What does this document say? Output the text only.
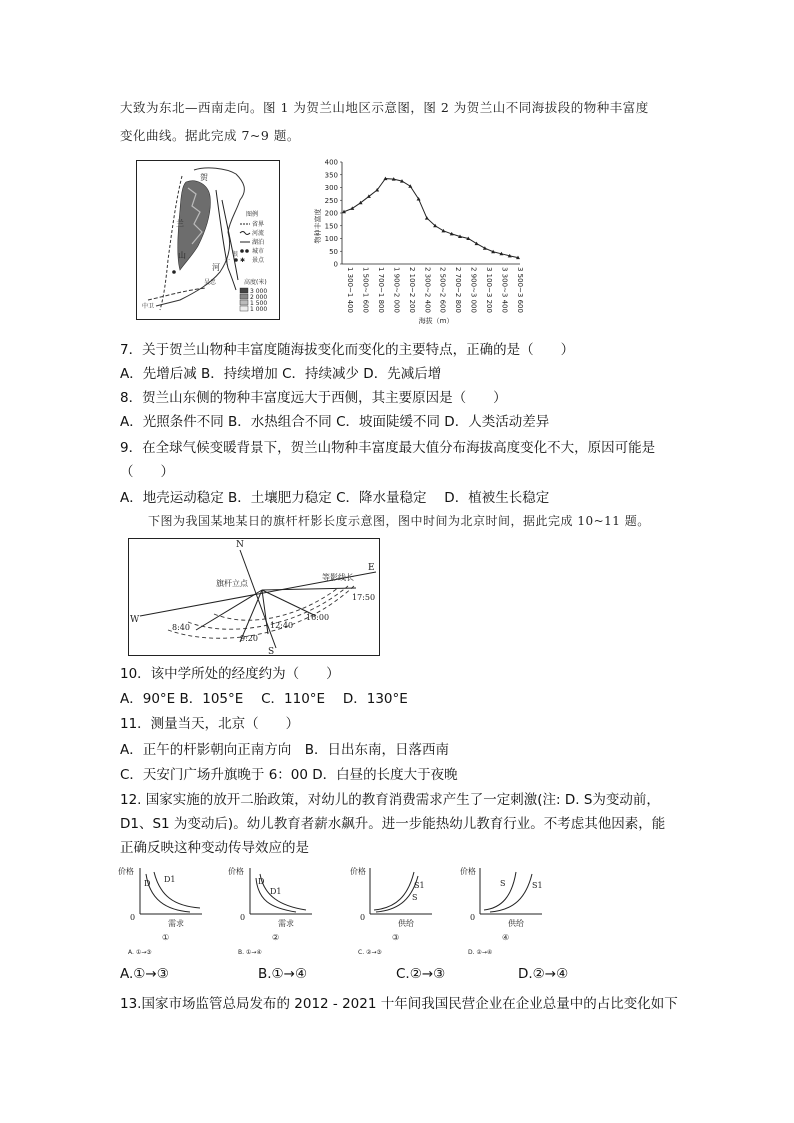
大致为东北—西南走向。图 1 为贺兰山地区示意图，图 2 为贺兰山不同海拔段的物种丰富度
变化曲线。据此完成 7~9 题。
贺
兰
山
河
中卫
吴忠
银
丁
图例
省界
河流
湖泊
城市
✱ 景点
高度(米)
3 000
2 000
1 500
1 000
物种丰富度
0
50
100
150
200
250
300
350
400
1 300~1 400 1 500~1 600 1 700~1 800 1 900~2 000 2 100~2 200 2 300~2 400 2 500~2 600 2 700~2 800 2 900~3 000 3 100~3 200 3 300~3 400 3 500~3 600
海拔（m）
7．关于贺兰山物种丰富度随海拔变化而变化的主要特点，正确的是（　　）
A．先增后减 B．持续增加 C．持续减少 D．先减后增
8．贺兰山东侧的物种丰富度远大于西侧，其主要原因是（　　）
A．光照条件不同 B．水热组合不同 C．坡面陡缓不同 D．人类活动差异
9．在全球气候变暖背景下，贺兰山物种丰富度最大值分布海拔高度变化不大，原因可能是
（　　）
A．地壳运动稳定 B．土壤肥力稳定 C．降水量稳定　 D．植被生长稳定
下图为我国某地某日的旗杆杆影长度示意图，图中时间为北京时间，据此完成 10~11 题。
N
S
E
W
旗杆立点
等影线长
17:50
16:00
12:40
9:20
8:40
10．该中学所处的经度约为（　　）
A．90°E B．105°E　 C．110°E　 D．130°E
11．测量当天，北京（　　）
A．正午的杆影朝向正南方向　B．日出东南，日落西南
C．天安门广场升旗晚于 6：00 D．白昼的长度大于夜晚
12. 国家实施的放开二胎政策，对幼儿的教育消费需求产生了一定刺激(注: D. S为变动前，
D1、S1 为变动后)。幼儿教育者薪水飙升。进一步能热幼儿教育行业。不考虑其他因素，能
正确反映这种变动传导效应的是
价格
D D1
0
需求
①
A. ①→③
价格
D
D1
0
需求
②
B. ①→④
价格
S1
S
0
供给
③
C. ②→③
价格
S	S1
0
供给
④
D. ②→④
A.①→③	B.①→④	C.②→③	D.②→④
13.国家市场监管总局发布的 2012 - 2021 十年间我国民营企业在企业总量中的占比变化如下
